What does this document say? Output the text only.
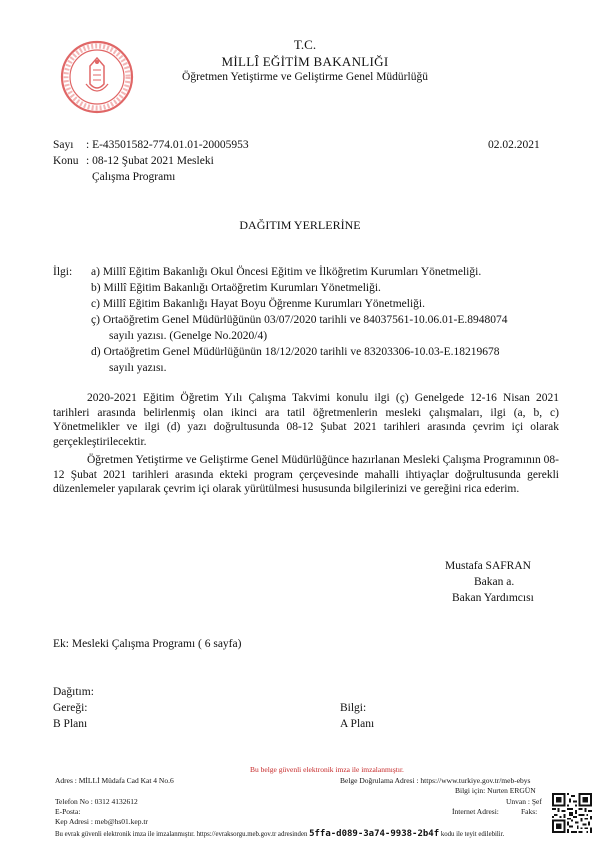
T.C.
MİLLÎ EĞİTİM BAKANLIĞI
Öğretmen Yetiştirme ve Geliştirme Genel Müdürlüğü
Sayı : E-43501582-774.01.01-20005953	02.02.2021
Konu : 08-12 Şubat 2021 Mesleki
Çalışma Programı
DAĞITIM YERLERİNE
İlgi: a) Millî Eğitim Bakanlığı Okul Öncesi Eğitim ve İlköğretim Kurumları Yönetmeliği.
b) Millî Eğitim Bakanlığı Ortaöğretim Kurumları Yönetmeliği.
c) Millî Eğitim Bakanlığı Hayat Boyu Öğrenme Kurumları Yönetmeliği.
ç) Ortaöğretim Genel Müdürlüğünün 03/07/2020 tarihli ve 84037561-10.06.01-E.8948074
sayılı yazısı. (Genelge No.2020/4)
d) Ortaöğretim Genel Müdürlüğünün 18/12/2020 tarihli ve 83203306-10.03-E.18219678
sayılı yazısı.
2020-2021 Eğitim Öğretim Yılı Çalışma Takvimi konulu ilgi (ç) Genelgede 12-16 Nisan 2021 tarihleri arasında belirlenmiş olan ikinci ara tatil öğretmenlerin mesleki çalışmaları, ilgi (a, b, c) Yönetmelikler ve ilgi (d) yazı doğrultusunda 08-12 Şubat 2021 tarihleri arasında çevrim içi olarak gerçekleştirilecektir.
Öğretmen Yetiştirme ve Geliştirme Genel Müdürlüğünce hazırlanan Mesleki Çalışma Programının 08-12 Şubat 2021 tarihleri arasında ekteki program çerçevesinde mahalli ihtiyaçlar doğrultusunda gerekli düzenlemeler yapılarak çevrim içi olarak yürütülmesi hususunda bilgilerinizi ve gereğini rica ederim.
Mustafa SAFRAN
Bakan a.
Bakan Yardımcısı
Ek: Mesleki Çalışma Programı ( 6 sayfa)
Dağıtım:
Gereği:
B Planı
Bilgi:
A Planı
Bu belge güvenli elektronik imza ile imzalanmıştır.
Adres : MİLLİ Müdafa Cad Kat 4 No.6	Belge Doğrulama Adresi : https://www.turkiye.gov.tr/meb-ebys
Bilgi için: Nurten ERGÜN
Telefon No : 0312 4132612	Unvan : Şef
E-Posta:	İnternet Adresi:	Faks:
Kep Adresi : meb@hs01.kep.tr
Bu evrak güvenli elektronik imza ile imzalanmıştır. https://evraksorgu.meb.gov.tr adresinden 5ffa-d089-3a74-9938-2b4f kodu ile teyit edilebilir.
